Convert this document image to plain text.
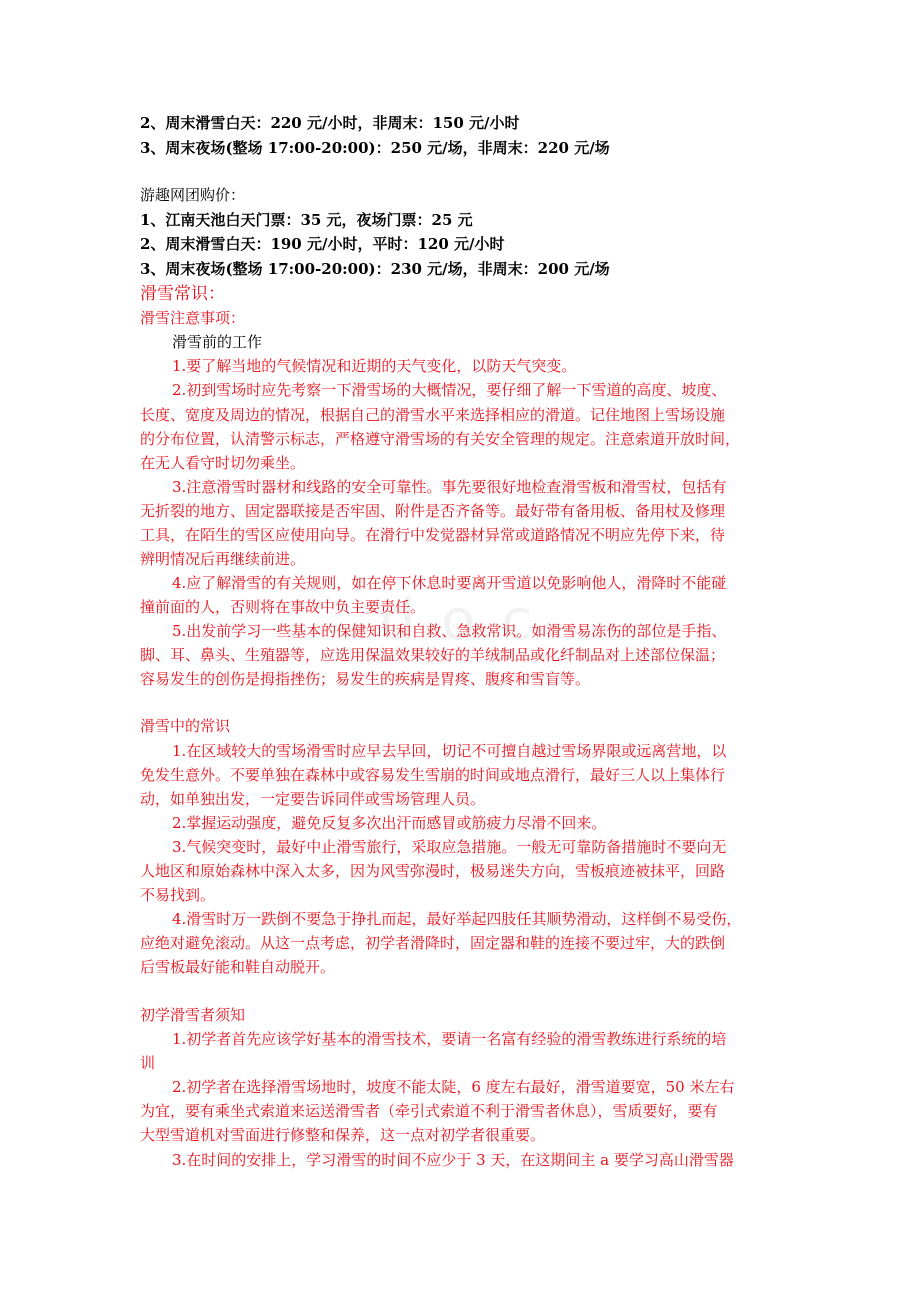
d o c
2、周末滑雪白天：220 元/小时，非周末：150 元/小时
3、周末夜场(整场 17:00-20:00)：250 元/场，非周末：220 元/场
游趣网团购价：
1、江南天池白天门票：35 元，夜场门票：25 元
2、周末滑雪白天：190 元/小时，平时：120 元/小时
3、周末夜场(整场 17:00-20:00)：230 元/场，非周末：200 元/场
滑雪常识：
滑雪注意事项：
滑雪前的工作
1.要了解当地的气候情况和近期的天气变化，以防天气突变。
2.初到雪场时应先考察一下滑雪场的大概情况，要仔细了解一下雪道的高度、坡度、
长度、宽度及周边的情况，根据自己的滑雪水平来选择相应的滑道。记住地图上雪场设施
的分布位置，认清警示标志，严格遵守滑雪场的有关安全管理的规定。注意索道开放时间，
在无人看守时切勿乘坐。
3.注意滑雪时器材和线路的安全可靠性。事先要很好地检查滑雪板和滑雪杖，包括有
无折裂的地方、固定器联接是否牢固、附件是否齐备等。最好带有备用板、备用杖及修理
工具，在陌生的雪区应使用向导。在滑行中发觉器材异常或道路情况不明应先停下来，待
辨明情况后再继续前进。
4.应了解滑雪的有关规则，如在停下休息时要离开雪道以免影响他人，滑降时不能碰
撞前面的人，否则将在事故中负主要责任。
5.出发前学习一些基本的保健知识和自救、急救常识。如滑雪易冻伤的部位是手指、
脚、耳、鼻头、生殖器等，应选用保温效果较好的羊绒制品或化纤制品对上述部位保温；
容易发生的创伤是拇指挫伤；易发生的疾病是胃疼、腹疼和雪盲等。
滑雪中的常识
1.在区域较大的雪场滑雪时应早去早回，切记不可擅自越过雪场界限或远离营地，以
免发生意外。不要单独在森林中或容易发生雪崩的时间或地点滑行，最好三人以上集体行
动，如单独出发，一定要告诉同伴或雪场管理人员。
2.掌握运动强度，避免反复多次出汗而感冒或筋疲力尽滑不回来。
3.气候突变时，最好中止滑雪旅行，采取应急措施。一般无可靠防备措施时不要向无
人地区和原始森林中深入太多，因为风雪弥漫时，极易迷失方向，雪板痕迹被抹平，回路
不易找到。
4.滑雪时万一跌倒不要急于挣扎而起，最好举起四肢任其顺势滑动，这样倒不易受伤，
应绝对避免滚动。从这一点考虑，初学者滑降时，固定器和鞋的连接不要过牢，大的跌倒
后雪板最好能和鞋自动脱开。
初学滑雪者须知
1.初学者首先应该学好基本的滑雪技术，要请一名富有经验的滑雪教练进行系统的培
训
2.初学者在选择滑雪场地时，坡度不能太陡，6 度左右最好，滑雪道要宽，50 米左右
为宜，要有乘坐式索道来运送滑雪者（牵引式索道不利于滑雪者休息），雪质要好，要有
大型雪道机对雪面进行修整和保养，这一点对初学者很重要。
3.在时间的安排上，学习滑雪的时间不应少于 3 天，在这期间主 a 要学习高山滑雪器
